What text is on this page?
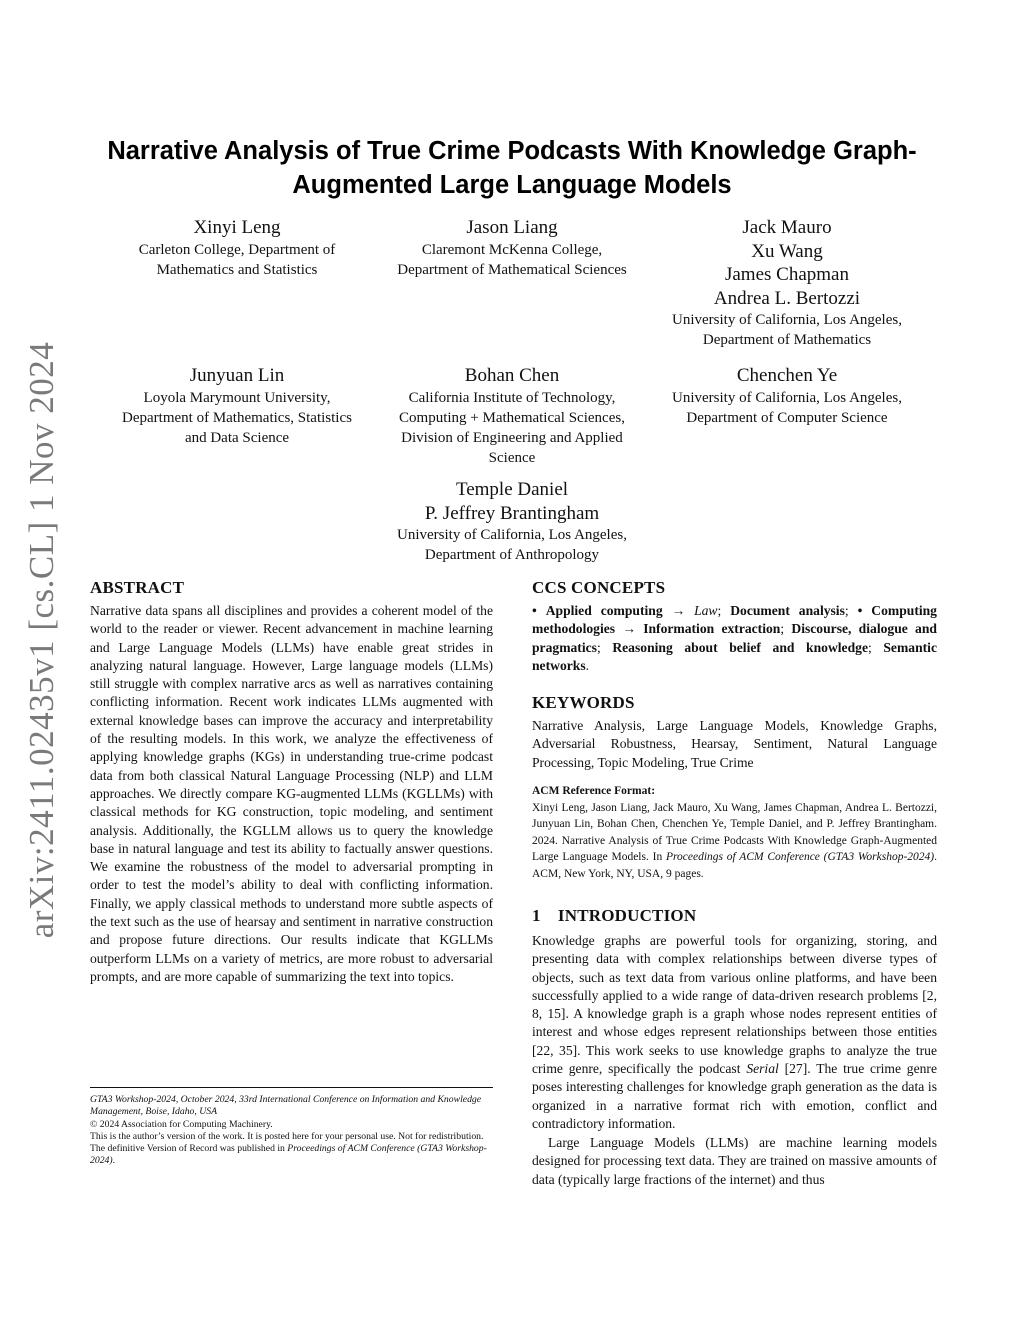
arXiv:2411.02435v1 [cs.CL] 1 Nov 2024
Narrative Analysis of True Crime Podcasts With Knowledge Graph-Augmented Large Language Models
Xinyi Leng
Carleton College, Department of
Mathematics and Statistics
Jason Liang
Claremont McKenna College,
Department of Mathematical Sciences
Jack Mauro
Xu Wang
James Chapman
Andrea L. Bertozzi
University of California, Los Angeles,
Department of Mathematics
Junyuan Lin
Loyola Marymount University,
Department of Mathematics, Statistics
and Data Science
Bohan Chen
California Institute of Technology,
Computing + Mathematical Sciences,
Division of Engineering and Applied
Science
Chenchen Ye
University of California, Los Angeles,
Department of Computer Science
Temple Daniel
P. Jeffrey Brantingham
University of California, Los Angeles,
Department of Anthropology
ABSTRACT

Narrative data spans all disciplines and provides a coherent model of the world to the reader or viewer. Recent advancement in machine learning and Large Language Models (LLMs) have enable great strides in analyzing natural language. However, Large language models (LLMs) still struggle with complex narrative arcs as well as narratives containing conflicting information. Recent work indicates LLMs augmented with external knowledge bases can improve the accuracy and interpretability of the resulting models. In this work, we analyze the effectiveness of applying knowledge graphs (KGs) in understanding true-crime podcast data from both classical Natural Language Processing (NLP) and LLM approaches. We directly compare KG-augmented LLMs (KGLLMs) with classical methods for KG construction, topic modeling, and sentiment analysis. Additionally, the KGLLM allows us to query the knowledge base in natural language and test its ability to factually answer questions. We examine the robustness of the model to adversarial prompting in order to test the model’s ability to deal with conflicting information. Finally, we apply classical methods to understand more subtle aspects of the text such as the use of hearsay and sentiment in narrative construction and propose future directions. Our results indicate that KGLLMs outperform LLMs on a variety of metrics, are more robust to adversarial prompts, and are more capable of summarizing the text into topics.

GTA3 Workshop-2024, October 2024, 33rd International Conference on Information and Knowledge Management, Boise, Idaho, USA

© 2024 Association for Computing Machinery.

This is the author’s version of the work. It is posted here for your personal use. Not for redistribution. The definitive Version of Record was published in Proceedings of ACM Conference (GTA3 Workshop-2024).

CCS CONCEPTS

• Applied computing → Law; Document analysis; • Computing methodologies → Information extraction; Discourse, dialogue and pragmatics; Reasoning about belief and knowledge; Semantic networks.

KEYWORDS

Narrative Analysis, Large Language Models, Knowledge Graphs, Adversarial Robustness, Hearsay, Sentiment, Natural Language Processing, Topic Modeling, True Crime

ACM Reference Format:

Xinyi Leng, Jason Liang, Jack Mauro, Xu Wang, James Chapman, Andrea L. Bertozzi, Junyuan Lin, Bohan Chen, Chenchen Ye, Temple Daniel, and P. Jeffrey Brantingham. 2024. Narrative Analysis of True Crime Podcasts With Knowledge Graph-Augmented Large Language Models. In Proceedings of ACM Conference (GTA3 Workshop-2024). ACM, New York, NY, USA, 9 pages.

1 INTRODUCTION

Knowledge graphs are powerful tools for organizing, storing, and presenting data with complex relationships between diverse types of objects, such as text data from various online platforms, and have been successfully applied to a wide range of data-driven research problems [2, 8, 15]. A knowledge graph is a graph whose nodes represent entities of interest and whose edges represent relationships between those entities [22, 35]. This work seeks to use knowledge graphs to analyze the true crime genre, specifically the podcast Serial [27]. The true crime genre poses interesting challenges for knowledge graph generation as the data is organized in a narrative format rich with emotion, conflict and contradictory information.

Large Language Models (LLMs) are machine learning models designed for processing text data. They are trained on massive amounts of data (typically large fractions of the internet) and thus
